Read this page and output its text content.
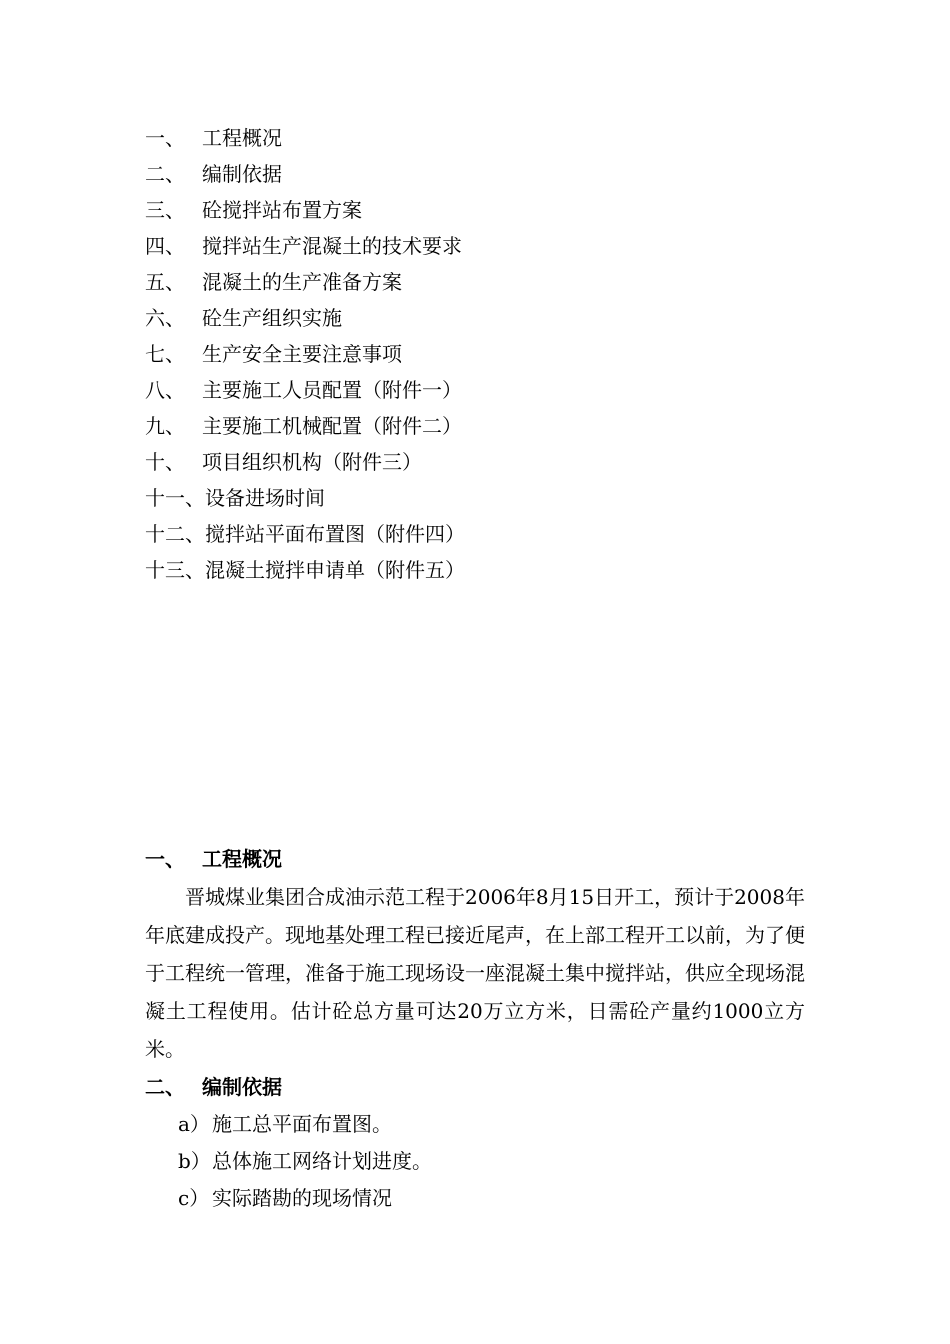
一、 工程概况
二、 编制依据
三、 砼搅拌站布置方案
四、 搅拌站生产混凝土的技术要求
五、 混凝土的生产准备方案
六、 砼生产组织实施
七、 生产安全主要注意事项
八、 主要施工人员配置（附件一）
九、 主要施工机械配置（附件二）
十、 项目组织机构（附件三）
十一、设备进场时间
十二、搅拌站平面布置图（附件四）
十三、混凝土搅拌申请单（附件五）
一、 工程概况

晋城煤业集团合成油示范工程于2006年8月15日开工，预计于2008年年底建成投产。现地基处理工程已接近尾声，在上部工程开工以前，为了便于工程统一管理，准备于施工现场设一座混凝土集中搅拌站，供应全现场混凝土工程使用。估计砼总方量可达20万立方米，日需砼产量约1000立方米。

二、 编制依据
a） 施工总平面布置图。
b）总体施工网络计划进度。
c） 实际踏勘的现场情况
